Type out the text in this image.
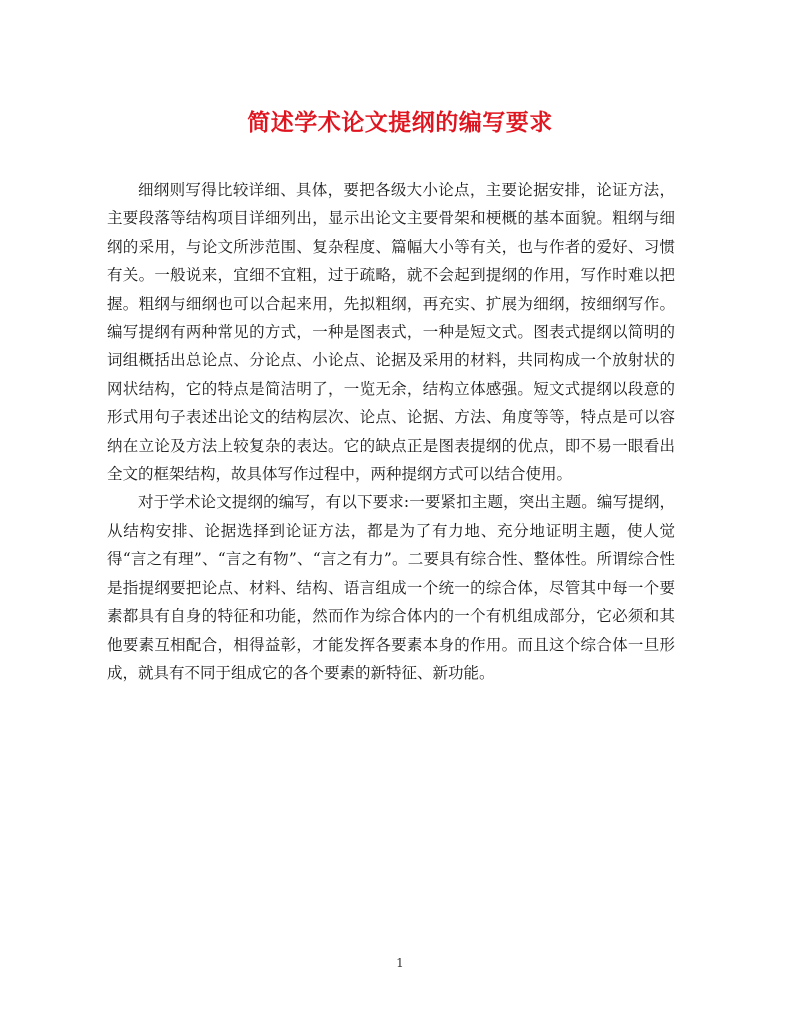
简述学术论文提纲的编写要求

细纲则写得比较详细、具体，要把各级大小论点，主要论据安排，论证方法，主要段落等结构项目详细列出，显示出论文主要骨架和梗概的基本面貌。粗纲与细纲的采用，与论文所涉范围、复杂程度、篇幅大小等有关，也与作者的爱好、习惯有关。一般说来，宜细不宜粗，过于疏略，就不会起到提纲的作用，写作时难以把握。粗纲与细纲也可以合起来用，先拟粗纲，再充实、扩展为细纲，按细纲写作。编写提纲有两种常见的方式，一种是图表式，一种是短文式。图表式提纲以简明的词组概括出总论点、分论点、小论点、论据及采用的材料，共同构成一个放射状的网状结构，它的特点是简洁明了，一览无余，结构立体感强。短文式提纲以段意的形式用句子表述出论文的结构层次、论点、论据、方法、角度等等，特点是可以容纳在立论及方法上较复杂的表达。它的缺点正是图表提纲的优点，即不易一眼看出全文的框架结构，故具体写作过程中，两种提纲方式可以结合使用。

对于学术论文提纲的编写，有以下要求:一要紧扣主题，突出主题。编写提纲，从结构安排、论据选择到论证方法，都是为了有力地、充分地证明主题，使人觉得“言之有理”、“言之有物”、“言之有力”。二要具有综合性、整体性。所谓综合性是指提纲要把论点、材料、结构、语言组成一个统一的综合体，尽管其中每一个要素都具有自身的特征和功能，然而作为综合体内的一个有机组成部分，它必须和其他要素互相配合，相得益彰，才能发挥各要素本身的作用。而且这个综合体一旦形成，就具有不同于组成它的各个要素的新特征、新功能。

1
